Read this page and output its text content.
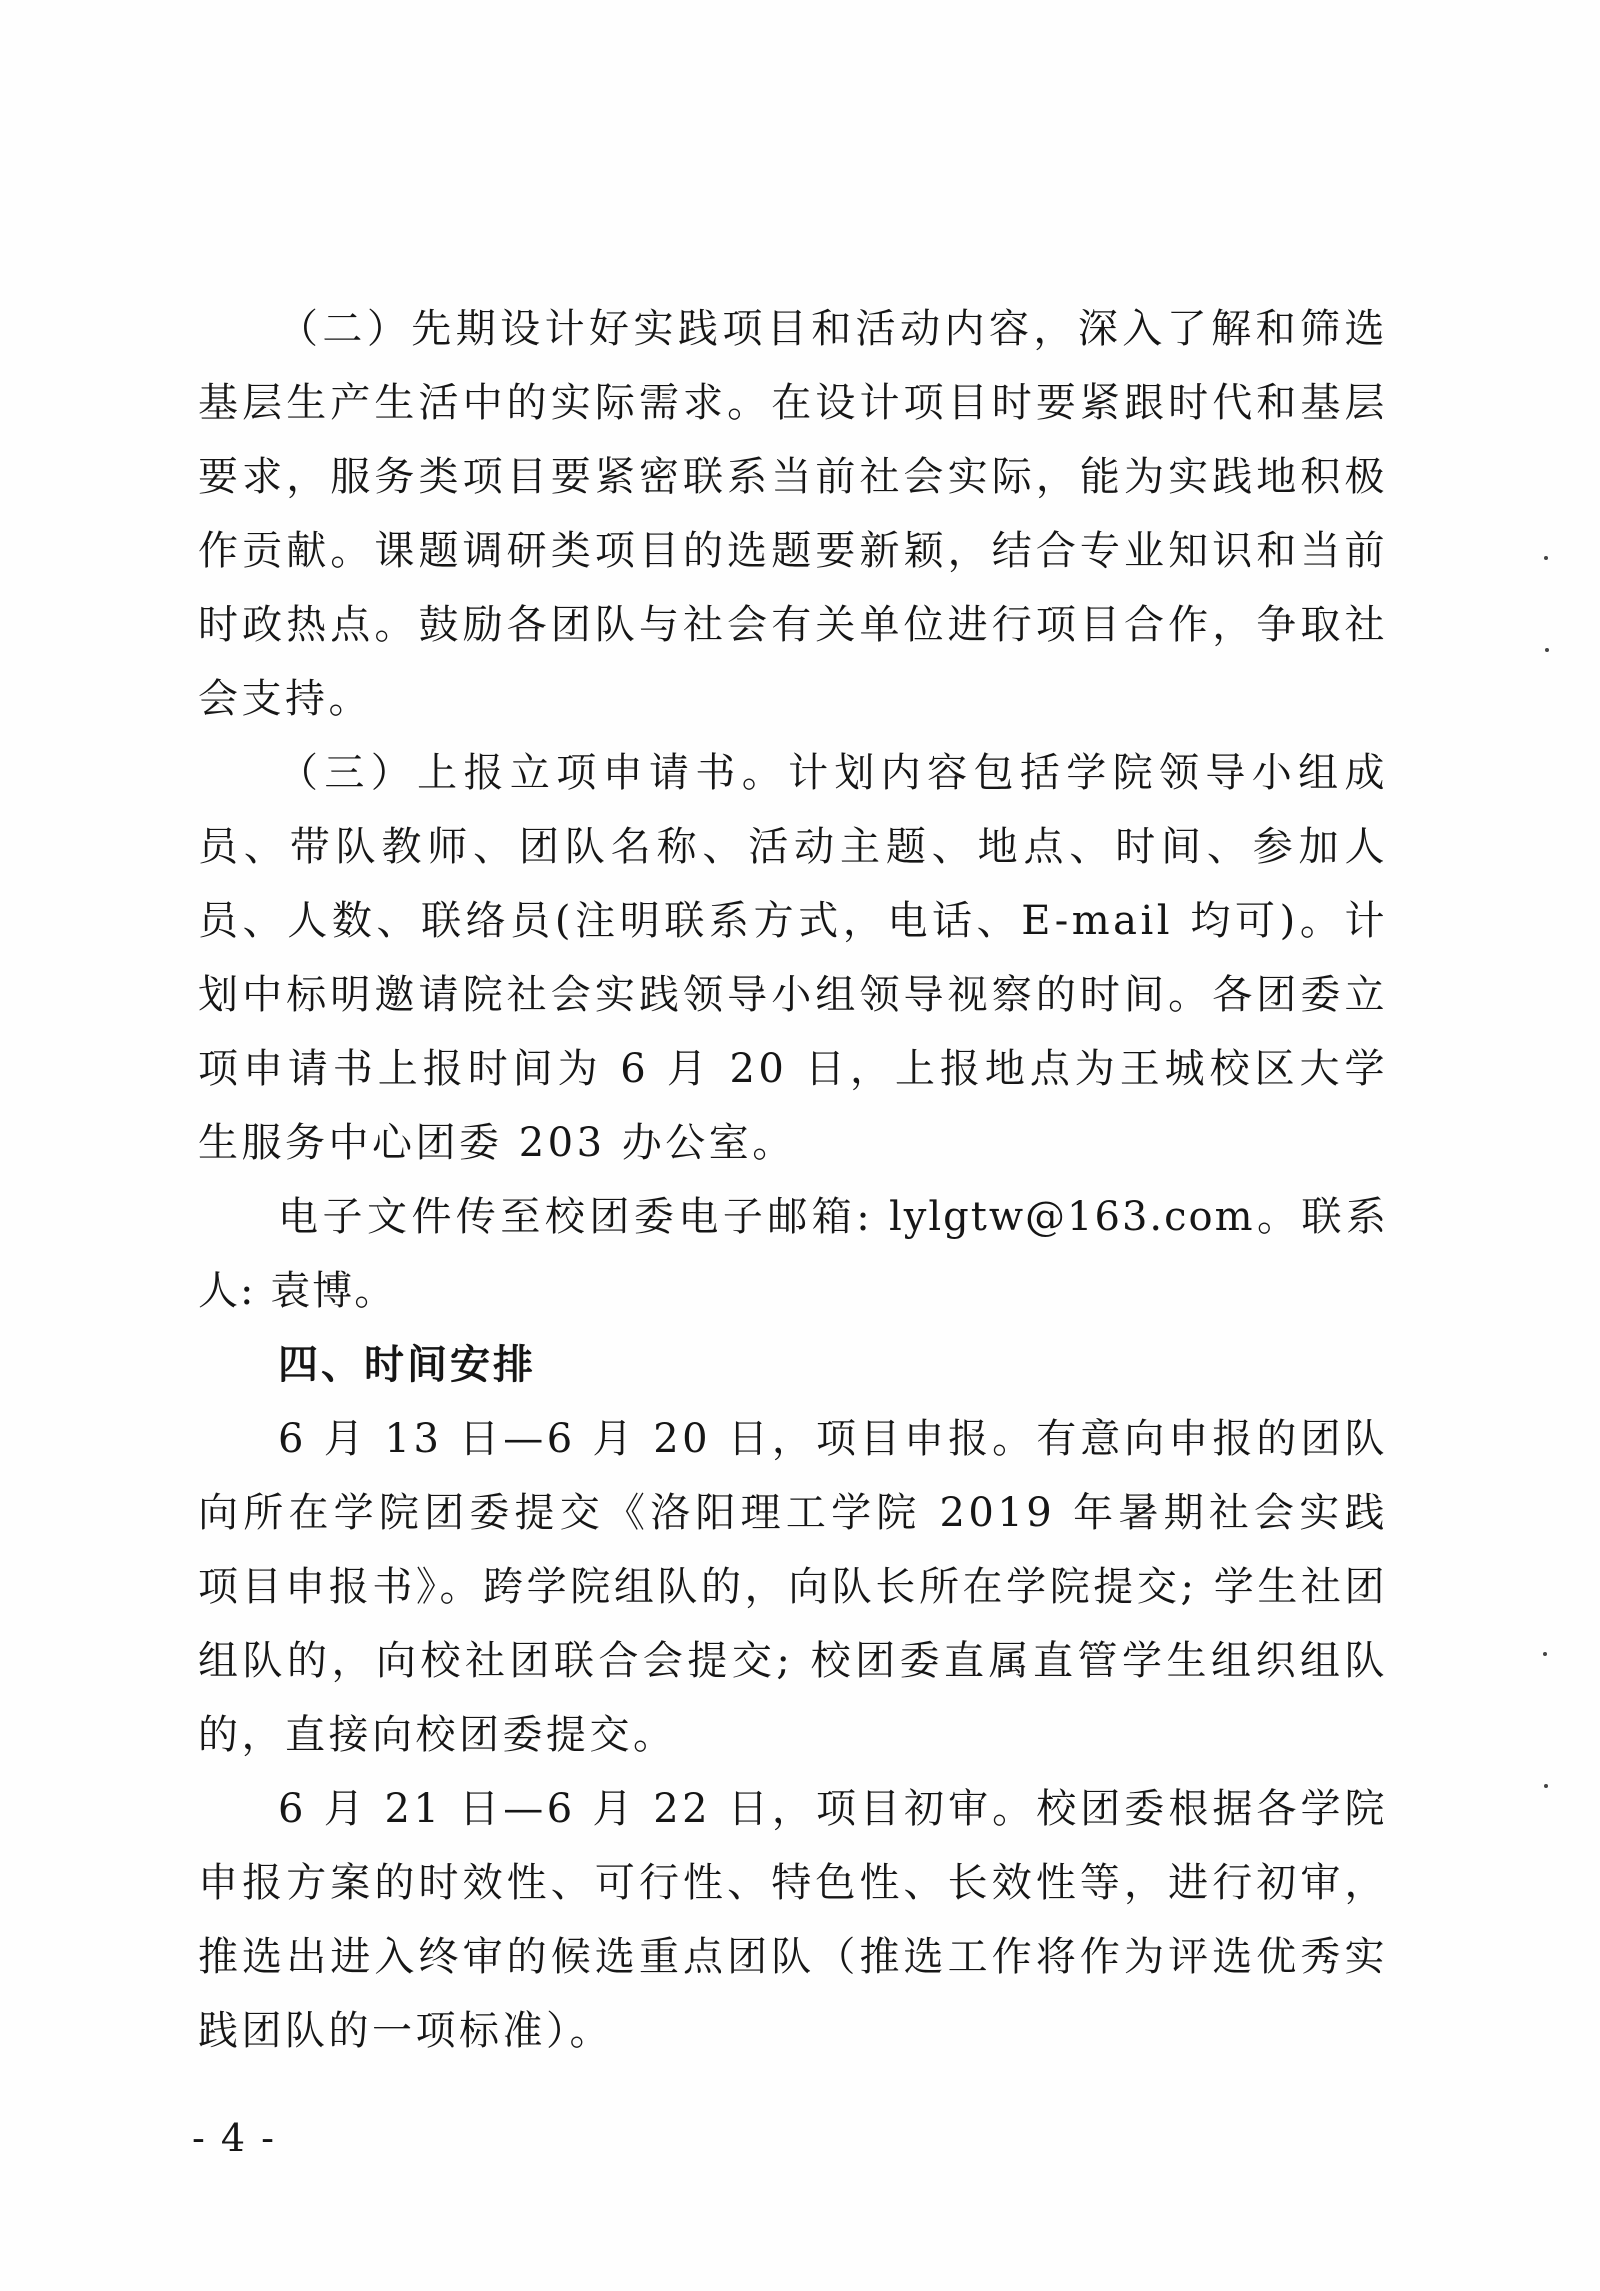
（二）先期设计好实践项目和活动内容，深入了解和筛选基层生产生活中的实际需求。在设计项目时要紧跟时代和基层要求，服务类项目要紧密联系当前社会实际，能为实践地积极作贡献。课题调研类项目的选题要新颖，结合专业知识和当前时政热点。鼓励各团队与社会有关单位进行项目合作，争取社会支持。

（三）上报立项申请书。计划内容包括学院领导小组成员、带队教师、团队名称、活动主题、地点、时间、参加人员、人数、联络员(注明联系方式，电话、E-mail 均可)。计划中标明邀请院社会实践领导小组领导视察的时间。各团委立项申请书上报时间为 6 月 20 日，上报地点为王城校区大学生服务中心团委 203 办公室。

电子文件传至校团委电子邮箱: lylgtw@163.com。联系人: 袁博。

四、时间安排

6 月 13 日—6 月 20 日，项目申报。有意向申报的团队向所在学院团委提交《洛阳理工学院 2019 年暑期社会实践项目申报书》。跨学院组队的，向队长所在学院提交; 学生社团组队的，向校社团联合会提交; 校团委直属直管学生组织组队的，直接向校团委提交。

6 月 21 日—6 月 22 日，项目初审。校团委根据各学院申报方案的时效性、可行性、特色性、长效性等，进行初审，推选出进入终审的候选重点团队（推选工作将作为评选优秀实践团队的一项标准）。

- 4 -
